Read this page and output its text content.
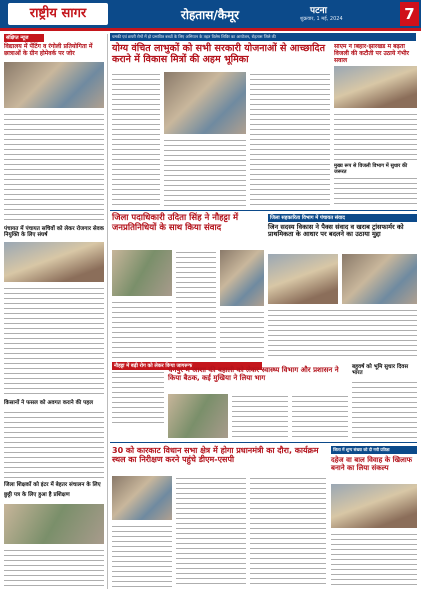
राष्ट्रीय सागर	रोहतास/कैमूर	पटना
शुक्रवार, 1 मई, 2024	7
संक्षिप्त न्यूज
विद्यालय में पेंटिंग व रंगोली प्रतियोगिता में छात्राओं के ग्रीन होमेवर्क पर जोर
पंचायत में पंचायत सचिवों को लेकर रोजगार सेवक नियुक्ति के लिए संघर्ष
किसानों ने फसल को अवगत कराने की पहल
जिला शिक्षकों को इंटर में बेहतर संचालन के लिए
छुट्टी पत्र के लिए हुआ है प्रशिक्षण
चमकी एवं छपरी रोगों में हो प्रभावित बच्चों के लिए अभियान के तहत विशेष शिविर का आयोजन, रोहतास जिले की
योग्य वंचित लाभुकों को सभी सरकारी योजनाओं से आच्छादित कराने में विकास मित्रों की अहम भूमिका
सीएम ने बिहार-झारखंड में बढ़ती विजली की कटौती पर उठाये गंभीर सवाल
मुख्य रूप से विजली विभाग में सुधार की जरूरत
जिला पदाधिकारी उदिता सिंह ने नौहट्टा में जनप्रतिनिधियों के साथ किया संवाद
जिला सहकारिता विभाग में पंचायत संवाद
जिन सदस्य विकास ने पैक्स संवाद व खराब ट्रांसफार्मर को प्राथमिकता के आधार पर बदलने का उठाया मुद्दा
नौहट्टा में बढ़ी रोग को लेकर किया जागरूक
चैनपुर में आशा की बहाली को लेकर स्वास्थ्य विभाग और प्रशासन ने किया बैठक, कई मुखिया ने लिया भाग
बहुवर्ष को भूमि सुधार दिवस भारत
30 को कारकाट विधान सभा क्षेत्र में होगा प्रधानमंत्री का दौरा, कार्यक्रम स्थल का निरीक्षण करने पहुंचे डीएम-एसपी
जिला में शून्य संख्या को दी गयी प्रतिज्ञा
दहेज वा बाल विवाह के खिलाफ बनाने का लिया संकल्प
